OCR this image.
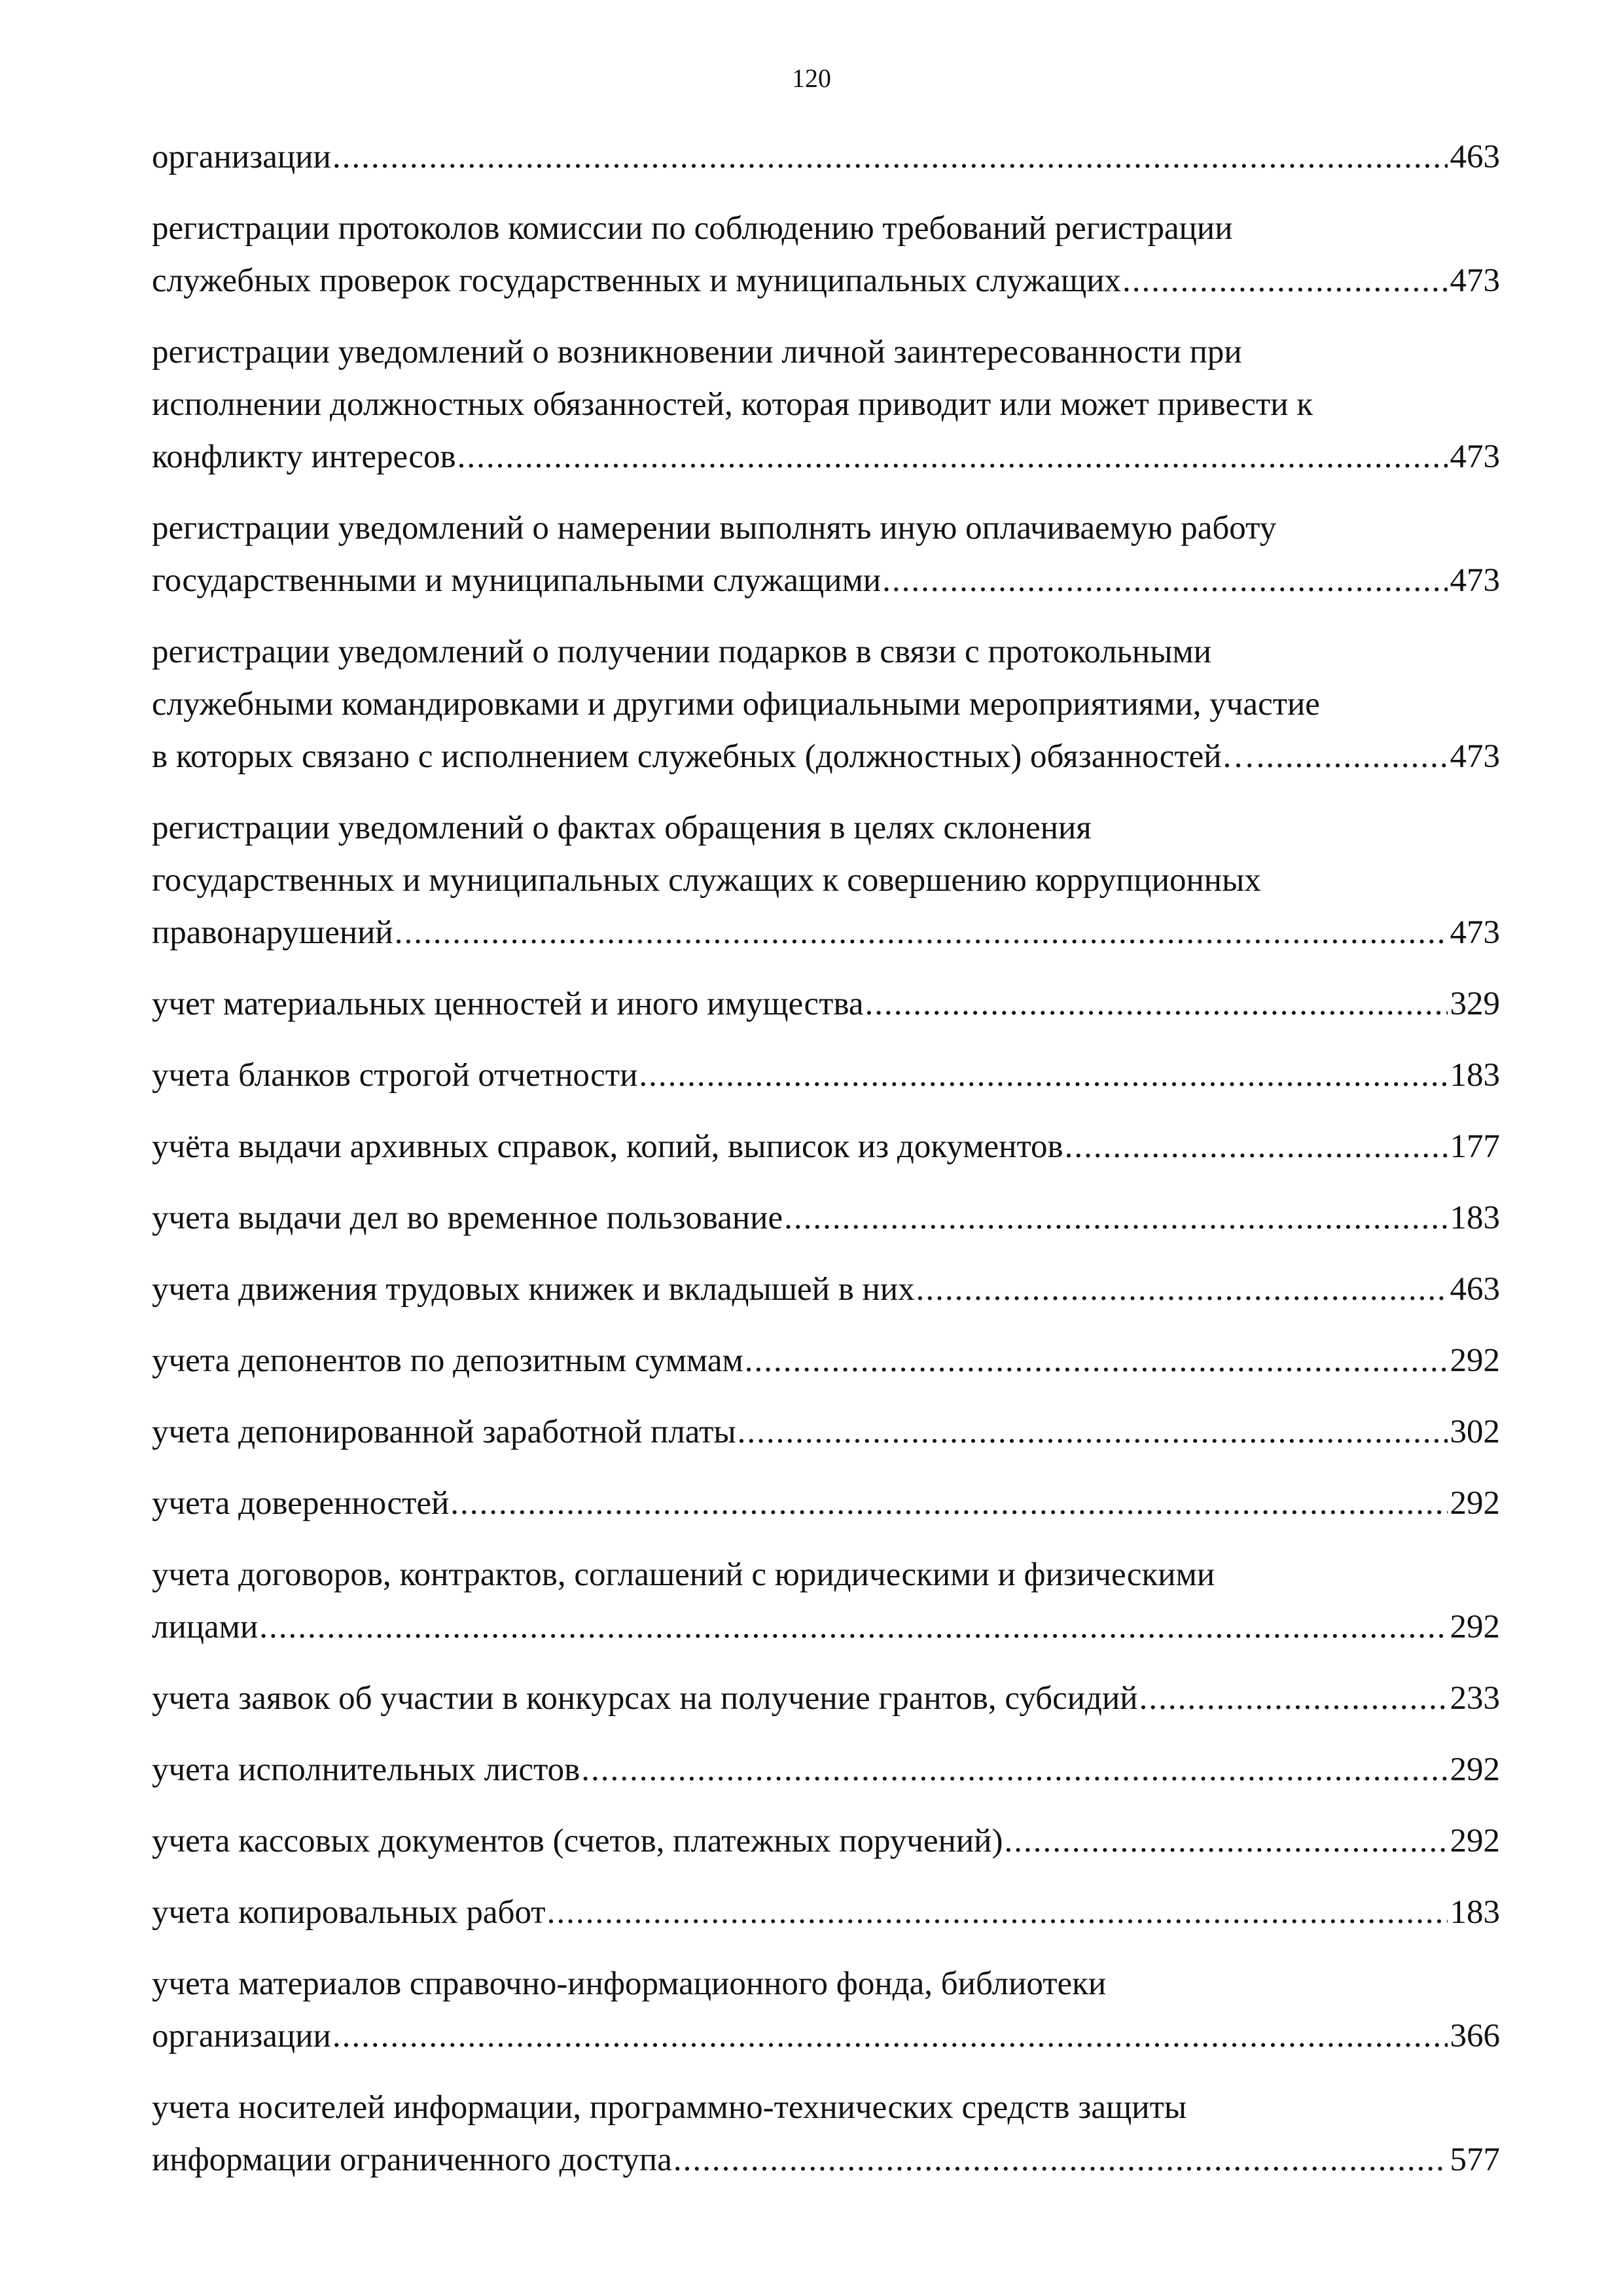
120
организации .....	463
регистрации протоколов комиссии по соблюдению требований регистрации
служебных проверок государственных и муниципальных служащих .....	473
регистрации уведомлений о возникновении личной заинтересованности при
исполнении должностных обязанностей, которая приводит или может привести к
конфликту интересов .....	473
регистрации уведомлений о намерении выполнять иную оплачиваемую работу
государственными и муниципальными служащими .....	473
регистрации уведомлений о получении подарков в связи с протокольными
служебными командировками и другими официальными мероприятиями, участие
в которых связано с исполнением служебных (должностных) обязанностей… .....	473
регистрации уведомлений о фактах обращения в целях склонения
государственных и муниципальных служащих к совершению коррупционных
правонарушений .....	473
учет материальных ценностей и иного имущества .....	329
учета бланков строгой отчетности .....	183
учёта выдачи архивных справок, копий, выписок из документов .....	177
учета выдачи дел во временное пользование .....	183
учета движения трудовых книжек и вкладышей в них .....	463
учета депонентов по депозитным суммам .....	292
учета депонированной заработной платы .....	302
учета доверенностей .....	292
учета договоров, контрактов, соглашений с юридическими и физическими
лицами .....	292
учета заявок об участии в конкурсах на получение грантов, субсидий .....	233
учета исполнительных листов .....	292
учета кассовых документов (счетов, платежных поручений) .....	292
учета копировальных работ .....	183
учета материалов справочно-информационного фонда, библиотеки
организации .....	366
учета носителей информации, программно-технических средств защиты
информации ограниченного доступа .....	577
